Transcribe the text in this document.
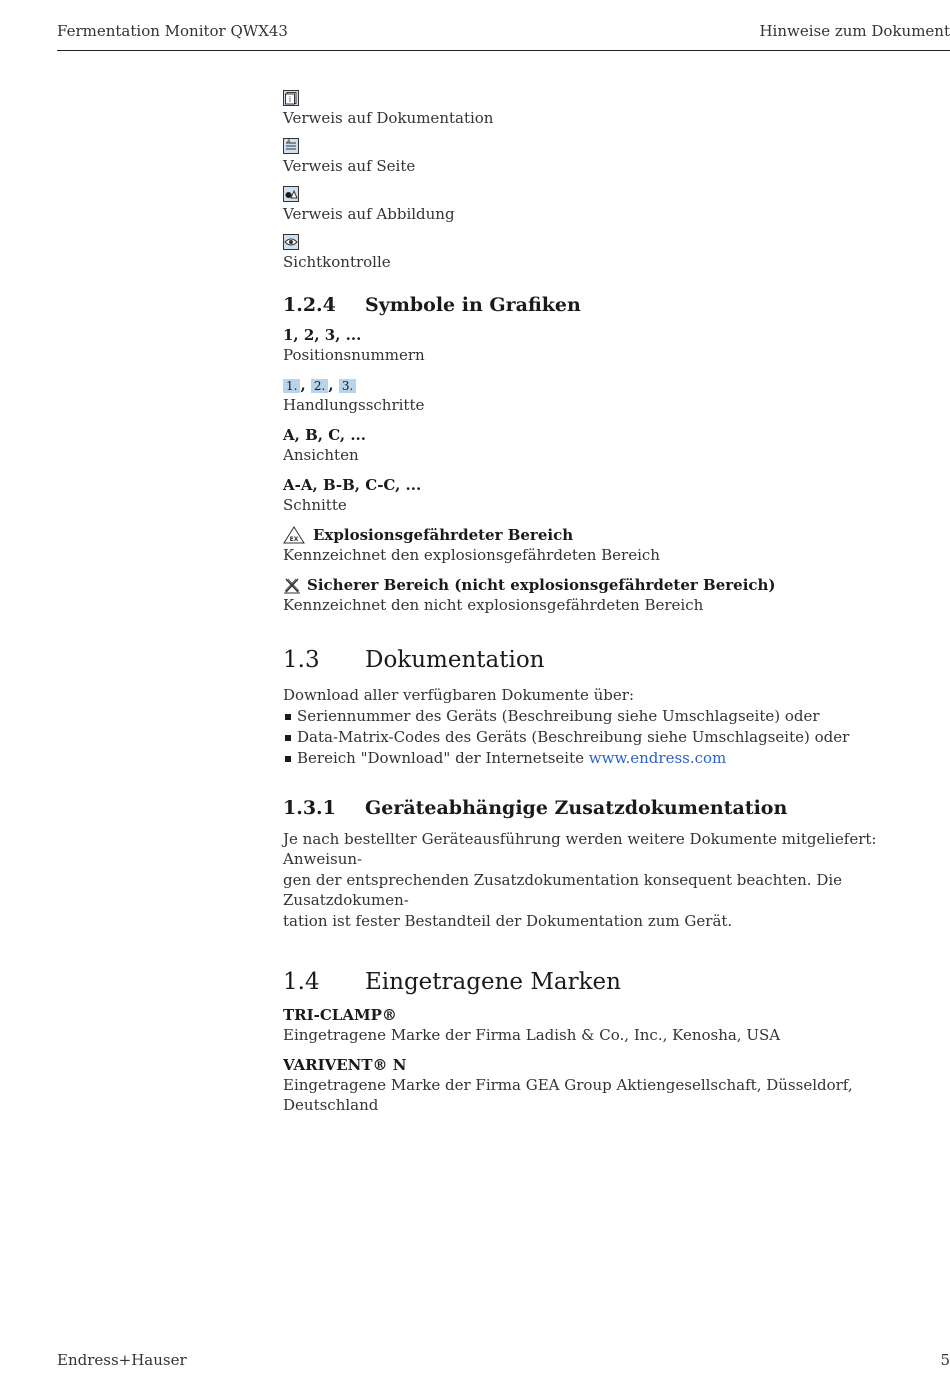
Fermentation Monitor QWX43	Hinweise zum Dokument
i
Verweis auf Dokumentation
A
Verweis auf Seite
Verweis auf Abbildung
Sichtkontrolle
1.2.4 Symbole in Grafiken
1, 2, 3, ...
Positionsnummern
1. , 2. , 3.
Handlungsschritte
A, B, C, ...
Ansichten
A-A, B-B, C-C, ...
Schnitte
EX Explosionsgefährdeter Bereich
Kennzeichnet den explosionsgefährdeten Bereich
Sicherer Bereich (nicht explosionsgefährdeter Bereich)
Kennzeichnet den nicht explosionsgefährdeten Bereich
1.3 Dokumentation
Download aller verfügbaren Dokumente über:
Seriennummer des Geräts (Beschreibung siehe Umschlagseite) oder
Data-Matrix-Codes des Geräts (Beschreibung siehe Umschlagseite) oder
Bereich "Download" der Internetseite www.endress.com
1.3.1 Geräteabhängige Zusatzdokumentation
Je nach bestellter Geräteausführung werden weitere Dokumente mitgeliefert: Anweisun-
gen der entsprechenden Zusatzdokumentation konsequent beachten. Die Zusatzdokumen-
tation ist fester Bestandteil der Dokumentation zum Gerät.
1.4 Eingetragene Marken
TRI-CLAMP®
Eingetragene Marke der Firma Ladish & Co., Inc., Kenosha, USA
VARIVENT® N
Eingetragene Marke der Firma GEA Group Aktiengesellschaft, Düsseldorf, Deutschland
Endress+Hauser	5
